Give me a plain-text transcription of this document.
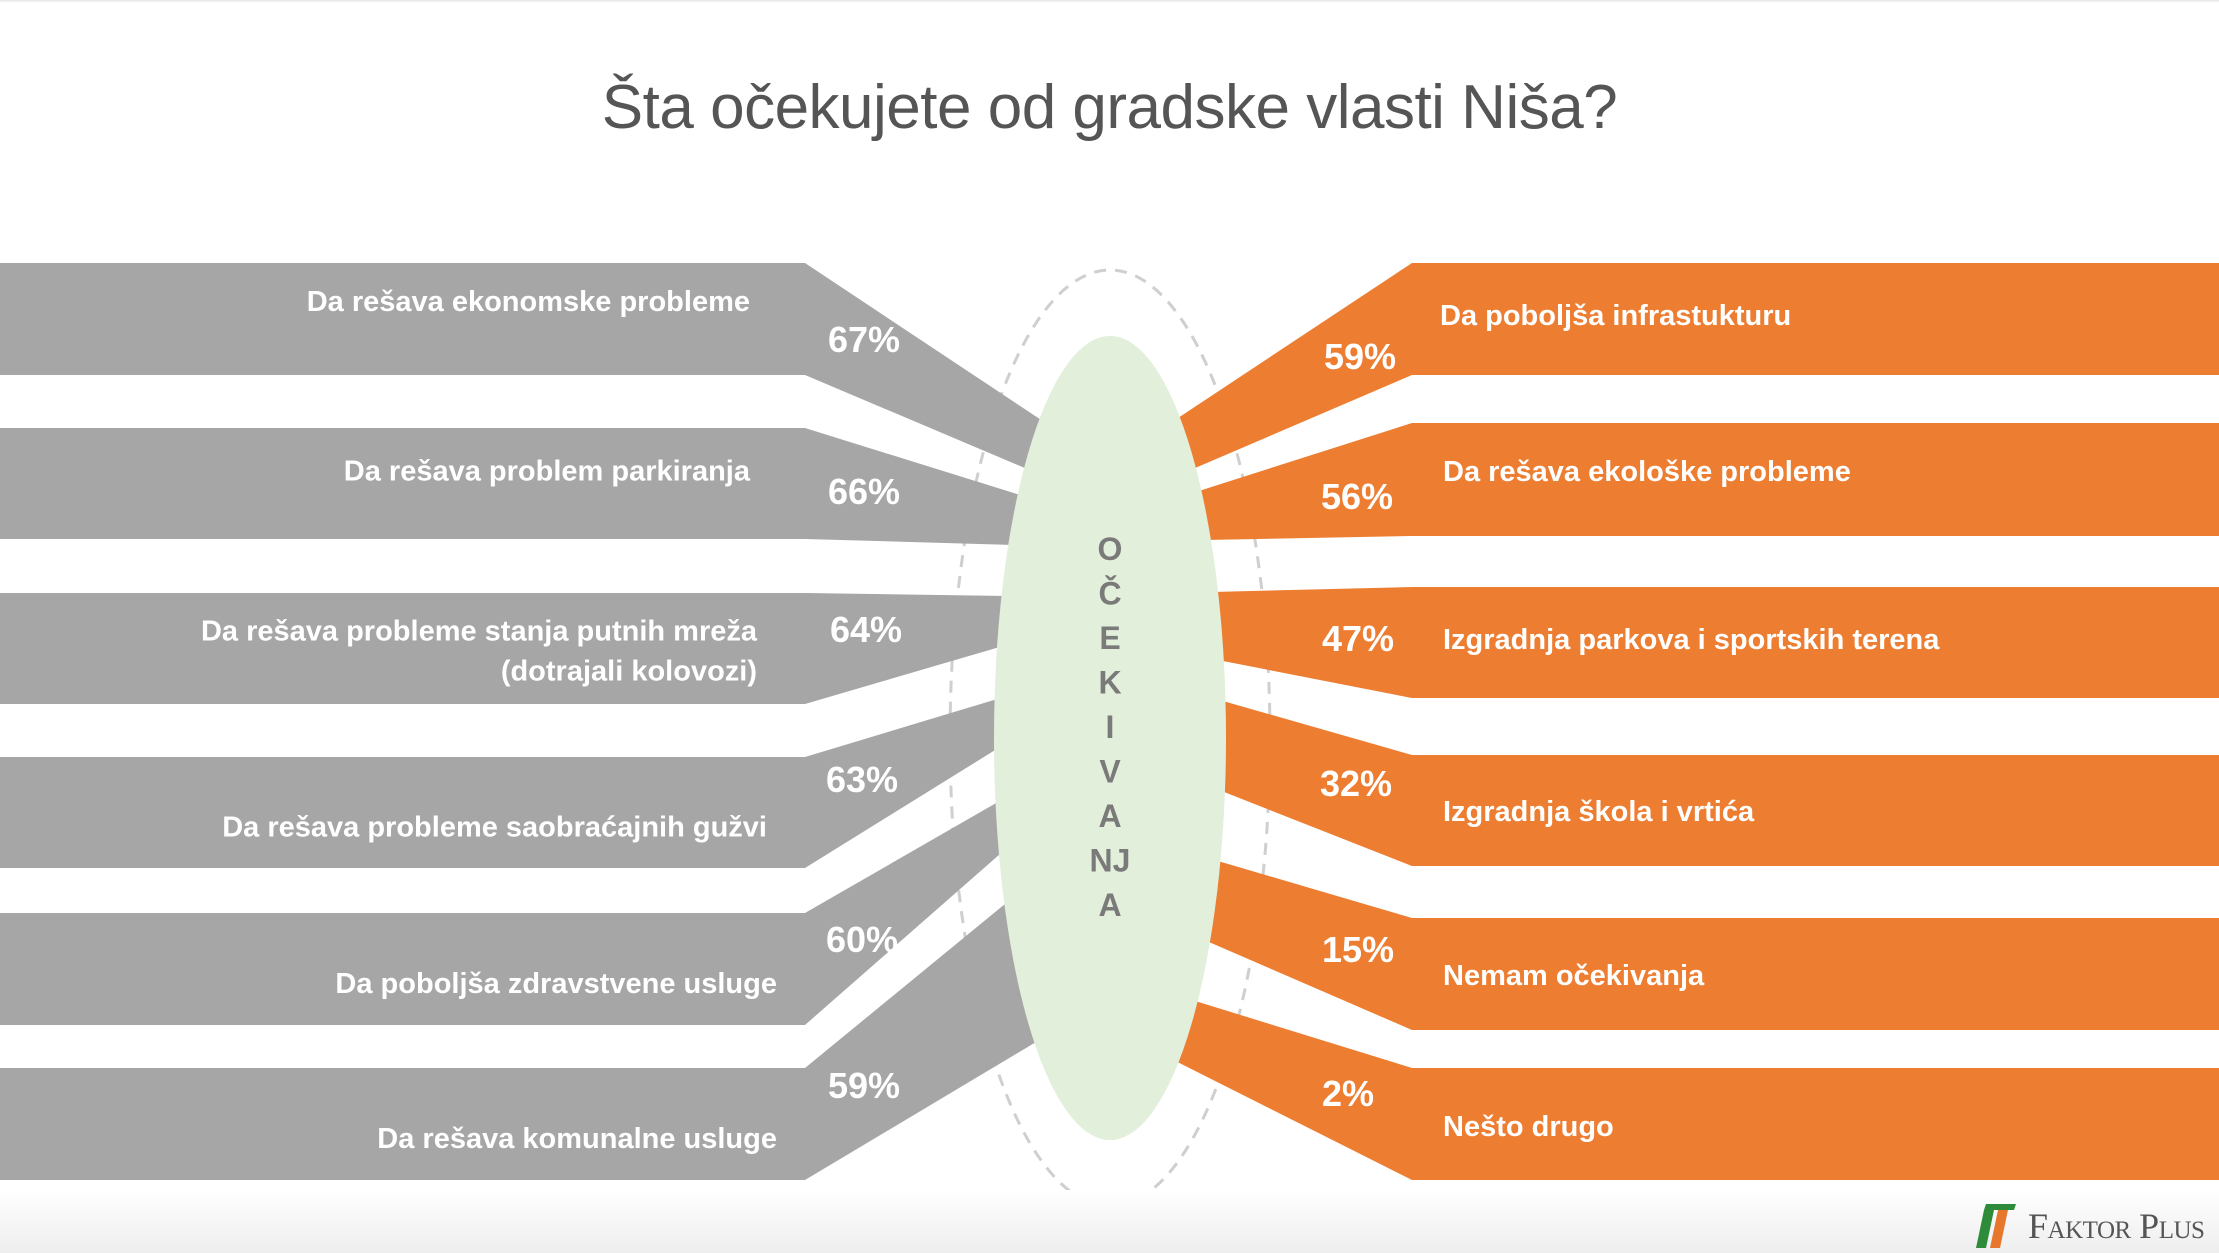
Šta očekujete od gradske vlasti Niša?
O
Č
E
K
I
V
A
NJ
A
Da rešava ekonomske probleme
67%
Da rešava problem parkiranja 66%
Da rešava probleme stanja putnih mreža
(dotrajali kolovozi)
64%
Da rešava probleme saobraćajnih gužvi
63%
Da poboljša zdravstvene usluge
60%
Da rešava komunalne usluge
59%
Da poboljša infrastukturu
59%
Da rešava ekološke probleme
56%
Izgradnja parkova i sportskih terena
47%
Izgradnja škola i vrtića
32%
Nemam očekivanja
15%
Nešto drugo
2%
Faktor Plus
